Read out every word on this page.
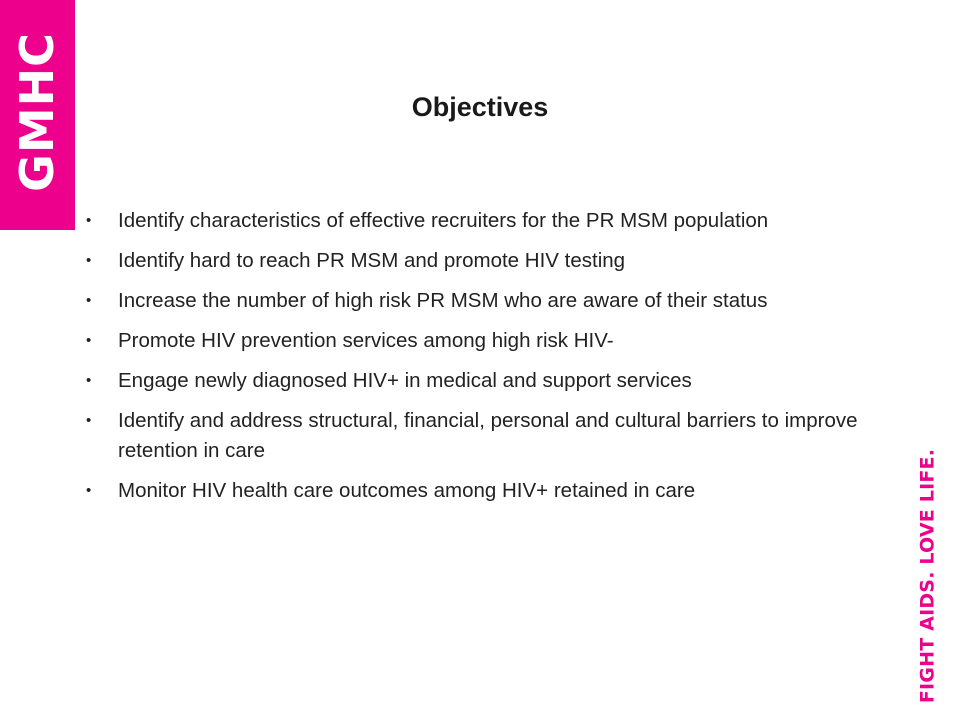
GMHC	Objectives
• Identify characteristics of effective recruiters for the PR MSM population
• Identify hard to reach PR MSM and promote HIV testing
• Increase the number of high risk PR MSM who are aware of their status
• Promote HIV prevention services among high risk HIV-
• Engage newly diagnosed HIV+ in medical and support services
• Identify and address structural, financial, personal and cultural barriers to improve retention in care
• Monitor HIV health care outcomes among HIV+ retained in care	FIGHT AIDS. LOVE LIFE.
